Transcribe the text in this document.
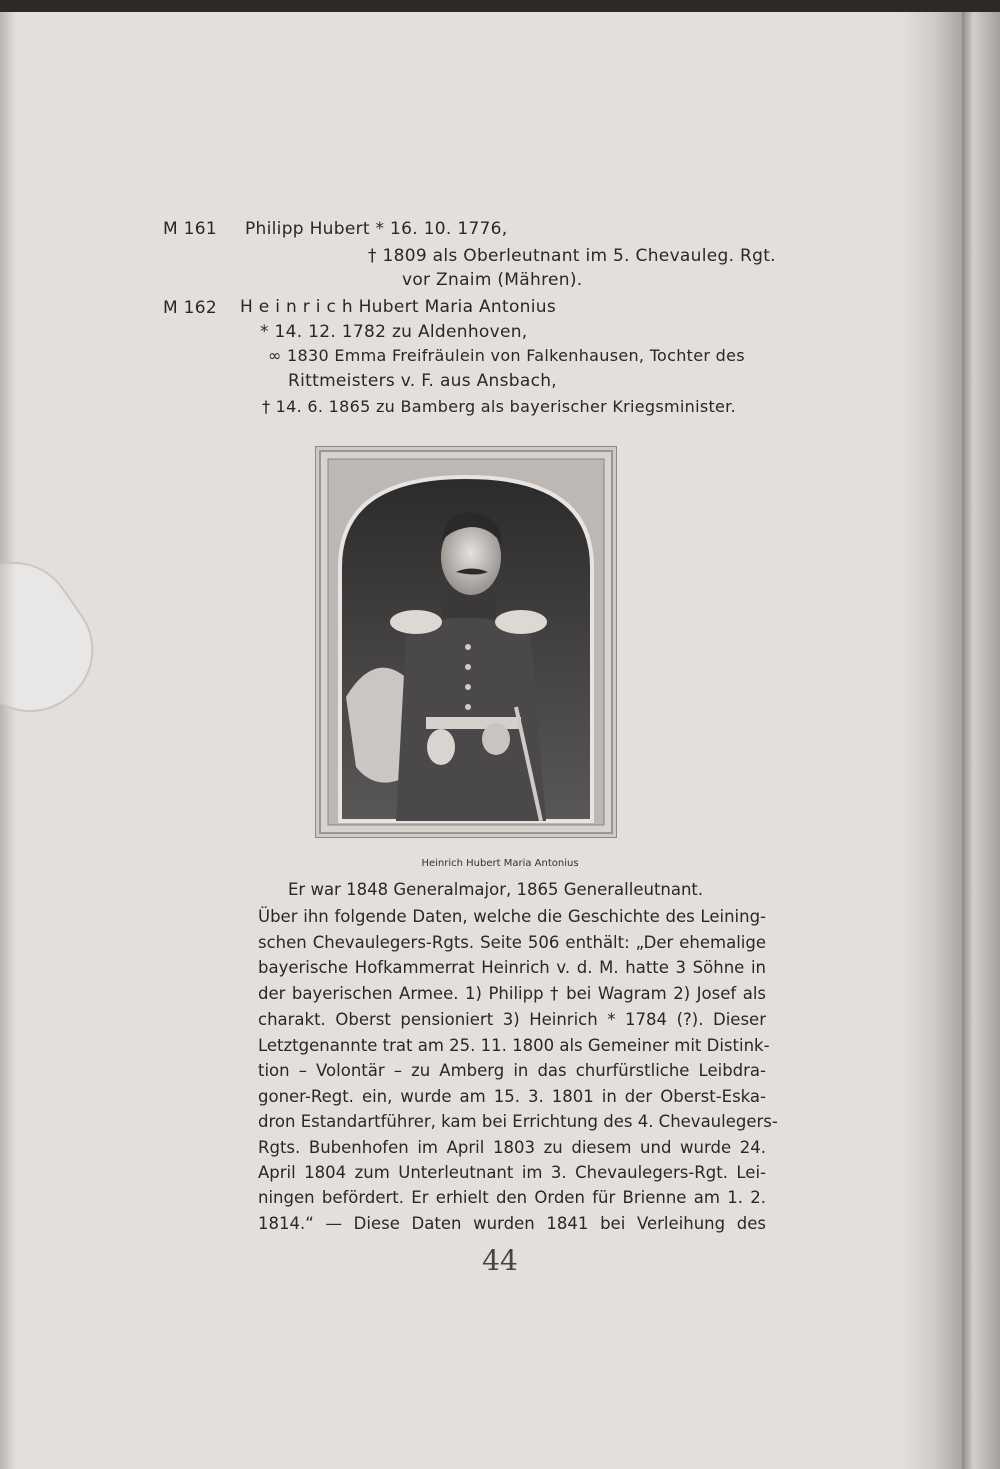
M 161 Philipp Hubert * 16. 10. 1776,
† 1809 als Oberleutnant im 5. Chevauleg. Rgt.
vor Znaim (Mähren).
M 162 H e i n r i c h Hubert Maria Antonius
* 14. 12. 1782 zu Aldenhoven,
∞ 1830 Emma Freifräulein von Falkenhausen, Tochter des
Rittmeisters v. F. aus Ansbach,
† 14. 6. 1865 zu Bamberg als bayerischer Kriegsminister.
·
Heinrich Hubert Maria Antonius
Er war 1848 Generalmajor, 1865 Generalleutnant.
Über ihn folgende Daten, welche die Geschichte des Leining-
schen Chevaulegers-Rgts. Seite 506 enthält: „Der ehemalige
bayerische Hofkammerrat Heinrich v. d. M. hatte 3 Söhne in
der bayerischen Armee. 1) Philipp † bei Wagram 2) Josef als
charakt. Oberst pensioniert 3) Heinrich * 1784 (?). Dieser
Letztgenannte trat am 25. 11. 1800 als Gemeiner mit Distink-
tion – Volontär – zu Amberg in das churfürstliche Leibdra-
goner-Regt. ein, wurde am 15. 3. 1801 in der Oberst-Eska-
dron Estandartführer, kam bei Errichtung des 4. Chevaulegers-
Rgts. Bubenhofen im April 1803 zu diesem und wurde 24.
April 1804 zum Unterleutnant im 3. Chevaulegers-Rgt. Lei-
ningen befördert. Er erhielt den Orden für Brienne am 1. 2.
1814.“ — Diese Daten wurden 1841 bei Verleihung des
44
